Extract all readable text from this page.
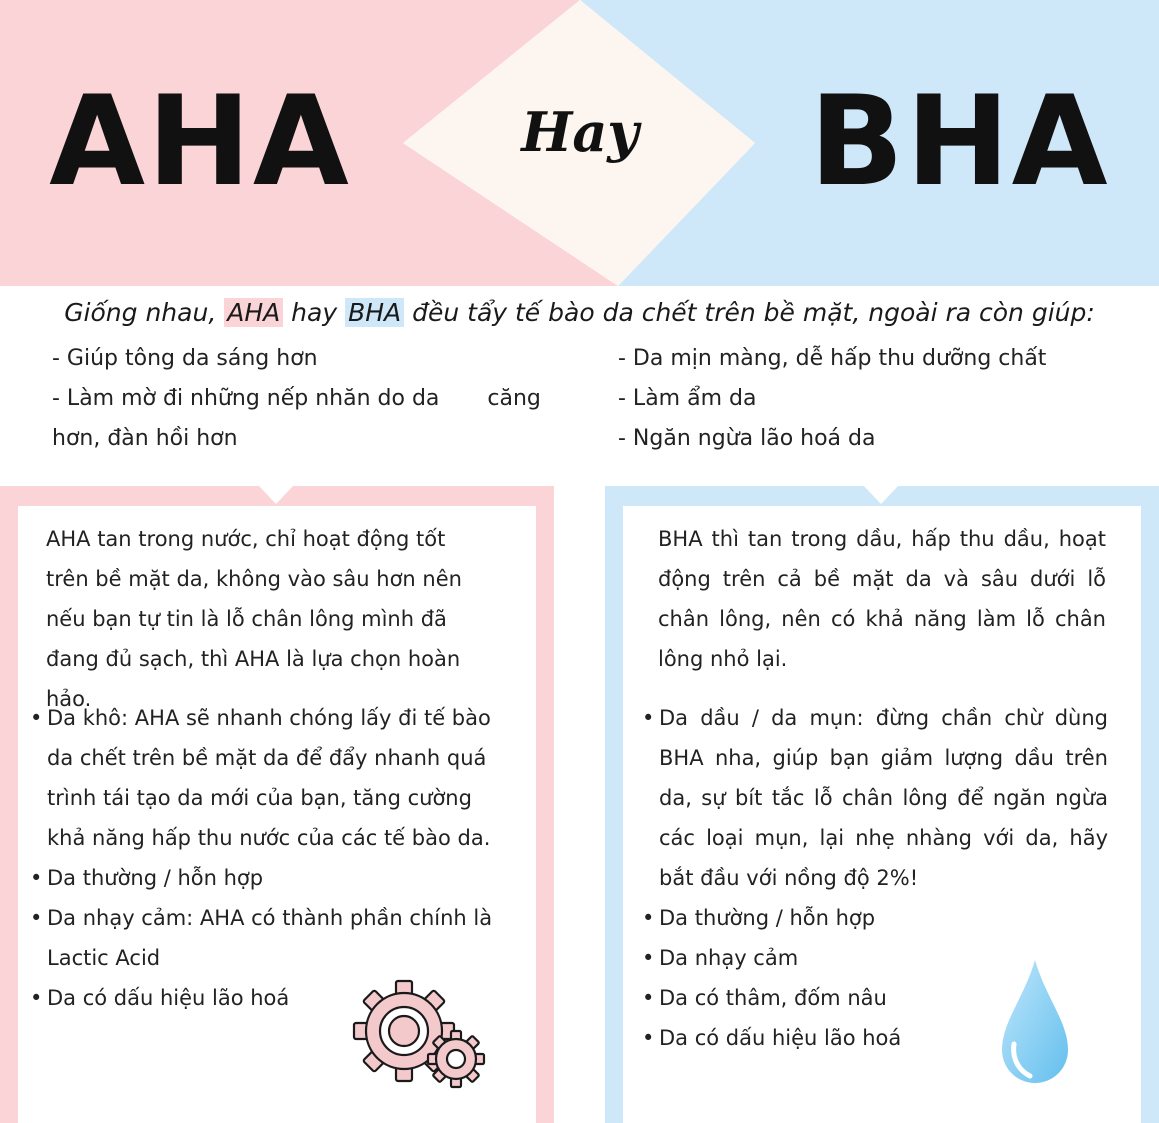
AHA	Hay	BHA
Giống nhau, AHA hay BHA đều tẩy tế bào da chết trên bề mặt, ngoài ra còn giúp:
- Giúp tông da sáng hơn
- Làm mờ đi những nếp nhăn do da căng
hơn, đàn hồi hơn
- Da mịn màng, dễ hấp thu dưỡng chất
- Làm ẩm da
- Ngăn ngừa lão hoá da
AHA tan trong nước, chỉ hoạt động tốt trên bề mặt da, không vào sâu hơn nên nếu bạn tự tin là lỗ chân lông mình đã đang đủ sạch, thì AHA là lựa chọn hoàn hảo.
• Da khô: AHA sẽ nhanh chóng lấy đi tế bào da chết trên bề mặt da để đẩy nhanh quá trình tái tạo da mới của bạn, tăng cường khả năng hấp thu nước của các tế bào da.
• Da thường / hỗn hợp
• Da nhạy cảm: AHA có thành phần chính là Lactic Acid
• Da có dấu hiệu lão hoá
BHA thì tan trong dầu, hấp thu dầu, hoạt động trên cả bề mặt da và sâu dưới lỗ chân lông, nên có khả năng làm lỗ chân lông nhỏ lại.
• Da dầu / da mụn: đừng chần chừ dùng BHA nha, giúp bạn giảm lượng dầu trên da, sự bít tắc lỗ chân lông để ngăn ngừa các loại mụn, lại nhẹ nhàng với da, hãy bắt đầu với nồng độ 2%!
• Da thường / hỗn hợp
• Da nhạy cảm
• Da có thâm, đốm nâu
• Da có dấu hiệu lão hoá
